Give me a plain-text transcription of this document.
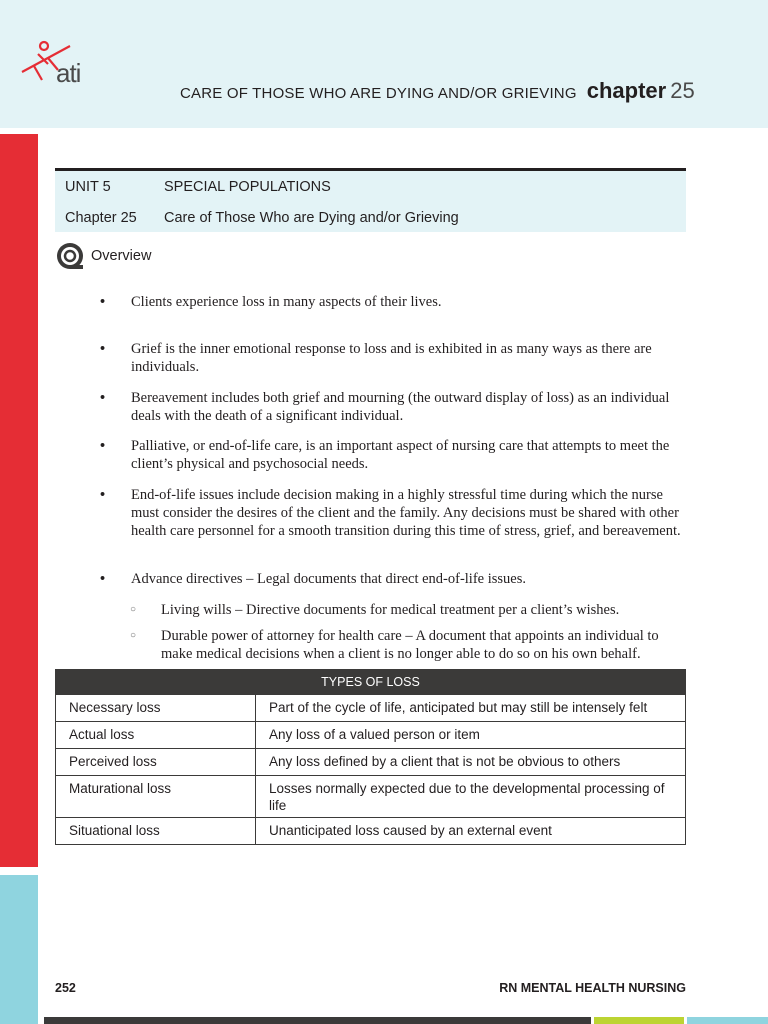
ati
CARE OF THOSE WHO ARE DYING AND/OR GRIEVING chapter 25
UNIT 5	SPECIAL POPULATIONS
Chapter 25 Care of Those Who are Dying and/or Grieving
Overview
• Clients experience loss in many aspects of their lives.
• Grief is the inner emotional response to loss and is exhibited in as many ways as there are individuals.
• Bereavement includes both grief and mourning (the outward display of loss) as an individual deals with the death of a significant individual.
• Palliative, or end-of-life care, is an important aspect of nursing care that attempts to meet the client’s physical and psychosocial needs.
• End-of-life issues include decision making in a highly stressful time during which the nurse must consider the desires of the client and the family. Any decisions must be shared with other health care personnel for a smooth transition during this time of stress, grief, and bereavement.
• Advance directives – Legal documents that direct end-of-life issues.
○ Living wills – Directive documents for medical treatment per a client’s wishes.
○ Durable power of attorney for health care – A document that appoints an individual to make medical decisions when a client is no longer able to do so on his own behalf.
TYPES OF LOSS	
Necessary loss	Part of the cycle of life, anticipated but may still be intensely felt
Actual loss	Any loss of a valued person or item
Perceived loss	Any loss defined by a client that is not be obvious to others
Maturational loss	Losses normally expected due to the developmental processing of life
Situational loss	Unanticipated loss caused by an external event
252	RN MENTAL HEALTH NURSING
